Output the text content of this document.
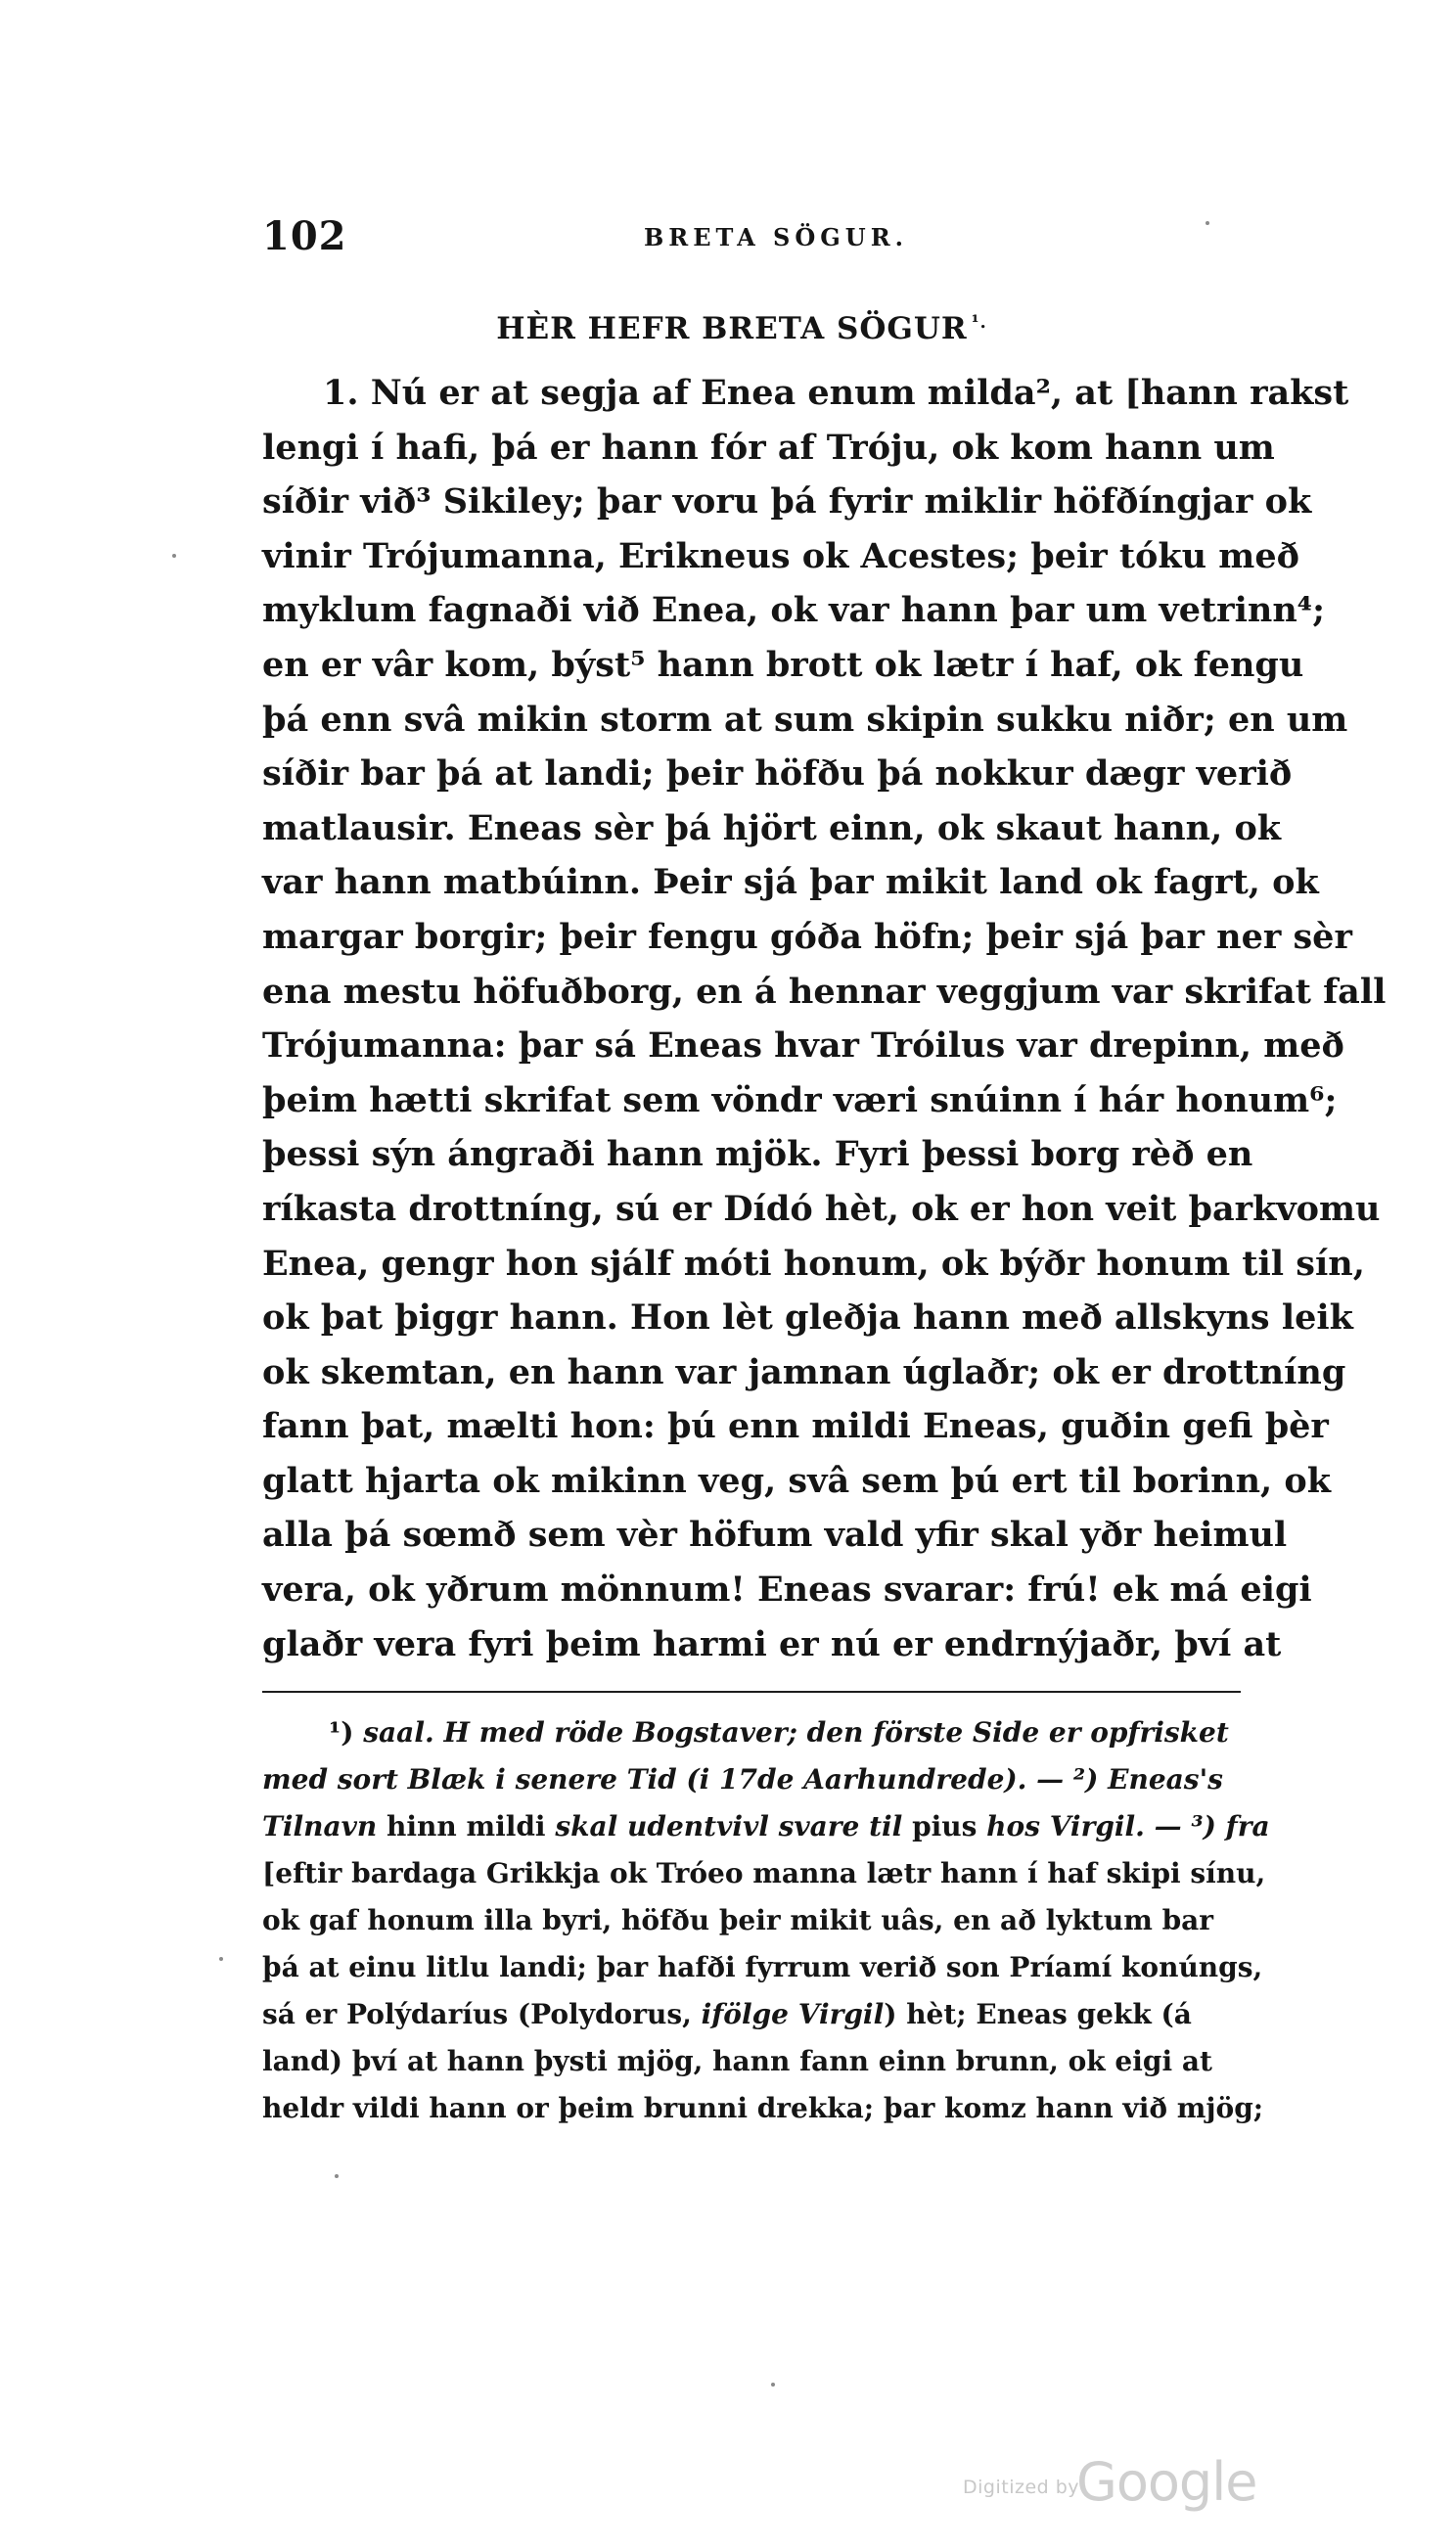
102	BRETA SÖGUR.
HÈR HEFR BRETA SÖGUR $^{^1.}$
1. Nú er at segja af Enea enum milda², at [hann rakst
lengi í hafi, þá er hann fór af Tróju, ok kom hann um
síðir við³ Sikiley; þar voru þá fyrir miklir höfðíngjar ok
vinir Trójumanna, Erikneus ok Acestes; þeir tóku með
myklum fagnaði við Enea, ok var hann þar um vetrinn⁴;
en er vâr kom, býst⁵ hann brott ok lætr í haf, ok fengu
þá enn svâ mikin storm at sum skipin sukku niðr; en um
síðir bar þá at landi; þeir höfðu þá nokkur dægr verið
matlausir. Eneas sèr þá hjört einn, ok skaut hann, ok
var hann matbúinn. Þeir sjá þar mikit land ok fagrt, ok
margar borgir; þeir fengu góða höfn; þeir sjá þar ner sèr
ena mestu höfuðborg, en á hennar veggjum var skrifat fall
Trójumanna: þar sá Eneas hvar Tróilus var drepinn, með
þeim hætti skrifat sem vöndr væri snúinn í hár honum⁶;
þessi sýn ángraði hann mjök. Fyri þessi borg rèð en
ríkasta drottníng, sú er Dídó hèt, ok er hon veit þarkvomu
Enea, gengr hon sjálf móti honum, ok býðr honum til sín,
ok þat þiggr hann. Hon lèt gleðja hann með allskyns leik
ok skemtan, en hann var jamnan úglaðr; ok er drottníng
fann þat, mælti hon: þú enn mildi Eneas, guðin gefi þèr
glatt hjarta ok mikinn veg, svâ sem þú ert til borinn, ok
alla þá sœmð sem vèr höfum vald yfir skal yðr heimul
vera, ok yðrum mönnum! Eneas svarar: frú! ek má eigi
glaðr vera fyri þeim harmi er nú er endrnýjaðr, því at
¹) saal. H med röde Bogstaver; den förste Side er opfrisket
med sort Blæk i senere Tid (i 17de Aarhundrede). — ²) Eneas's
Tilnavn hinn mildi skal udentvivl svare til pius hos Virgil. — ³) fra
[eftir bardaga Grikkja ok Tróeo manna lætr hann í haf skipi sínu,
ok gaf honum illa byri, höfðu þeir mikit uâs, en að lyktum bar
þá at einu litlu landi; þar hafði fyrrum verið son Príamí konúngs,
sá er Polýdaríus (Polydorus, ifölge Virgil) hèt; Eneas gekk (á
land) því at hann þysti mjög, hann fann einn brunn, ok eigi at
heldr vildi hann or þeim brunni drekka; þar komz hann við mjög;
Digitized by
Google
